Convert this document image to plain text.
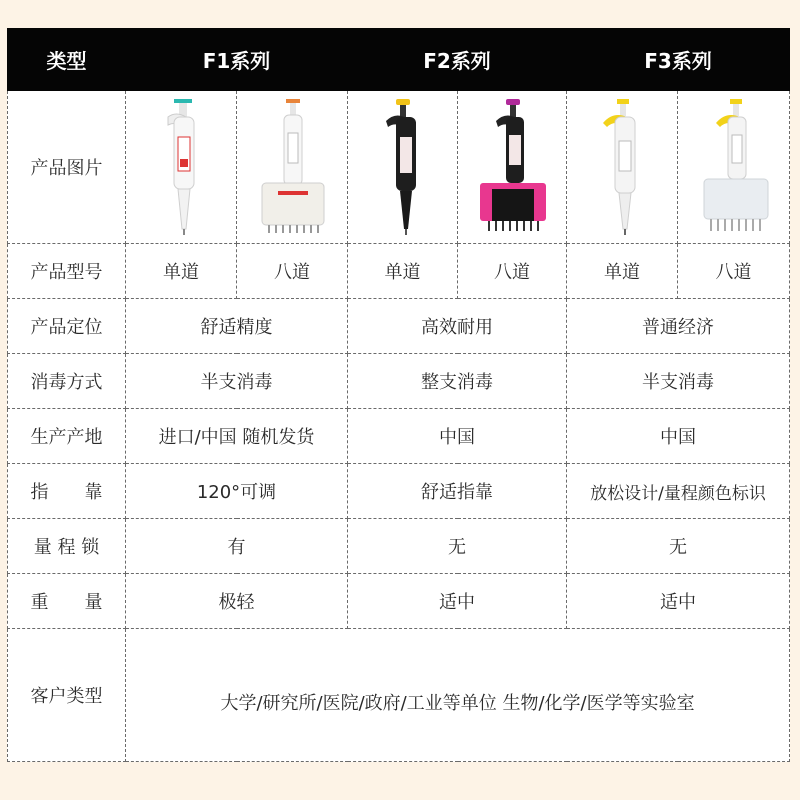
类型	F1系列		F2系列		F3系列	
产品图片	

产品型号	单道	八道	单道	八道	单道	八道
产品定位	舒适精度		高效耐用		普通经济	
消毒方式	半支消毒		整支消毒		半支消毒	
生产产地	进口/中国 随机发货		中国		中国	
指　　靠	120°可调		舒适指靠		放松设计/量程颜色标识	
量 程 锁	有		无		无	
重　　量	极轻		适中		适中	
客户类型	大学/研究所/医院/政府/工业等单位 生物/化学/医学等实验室					
